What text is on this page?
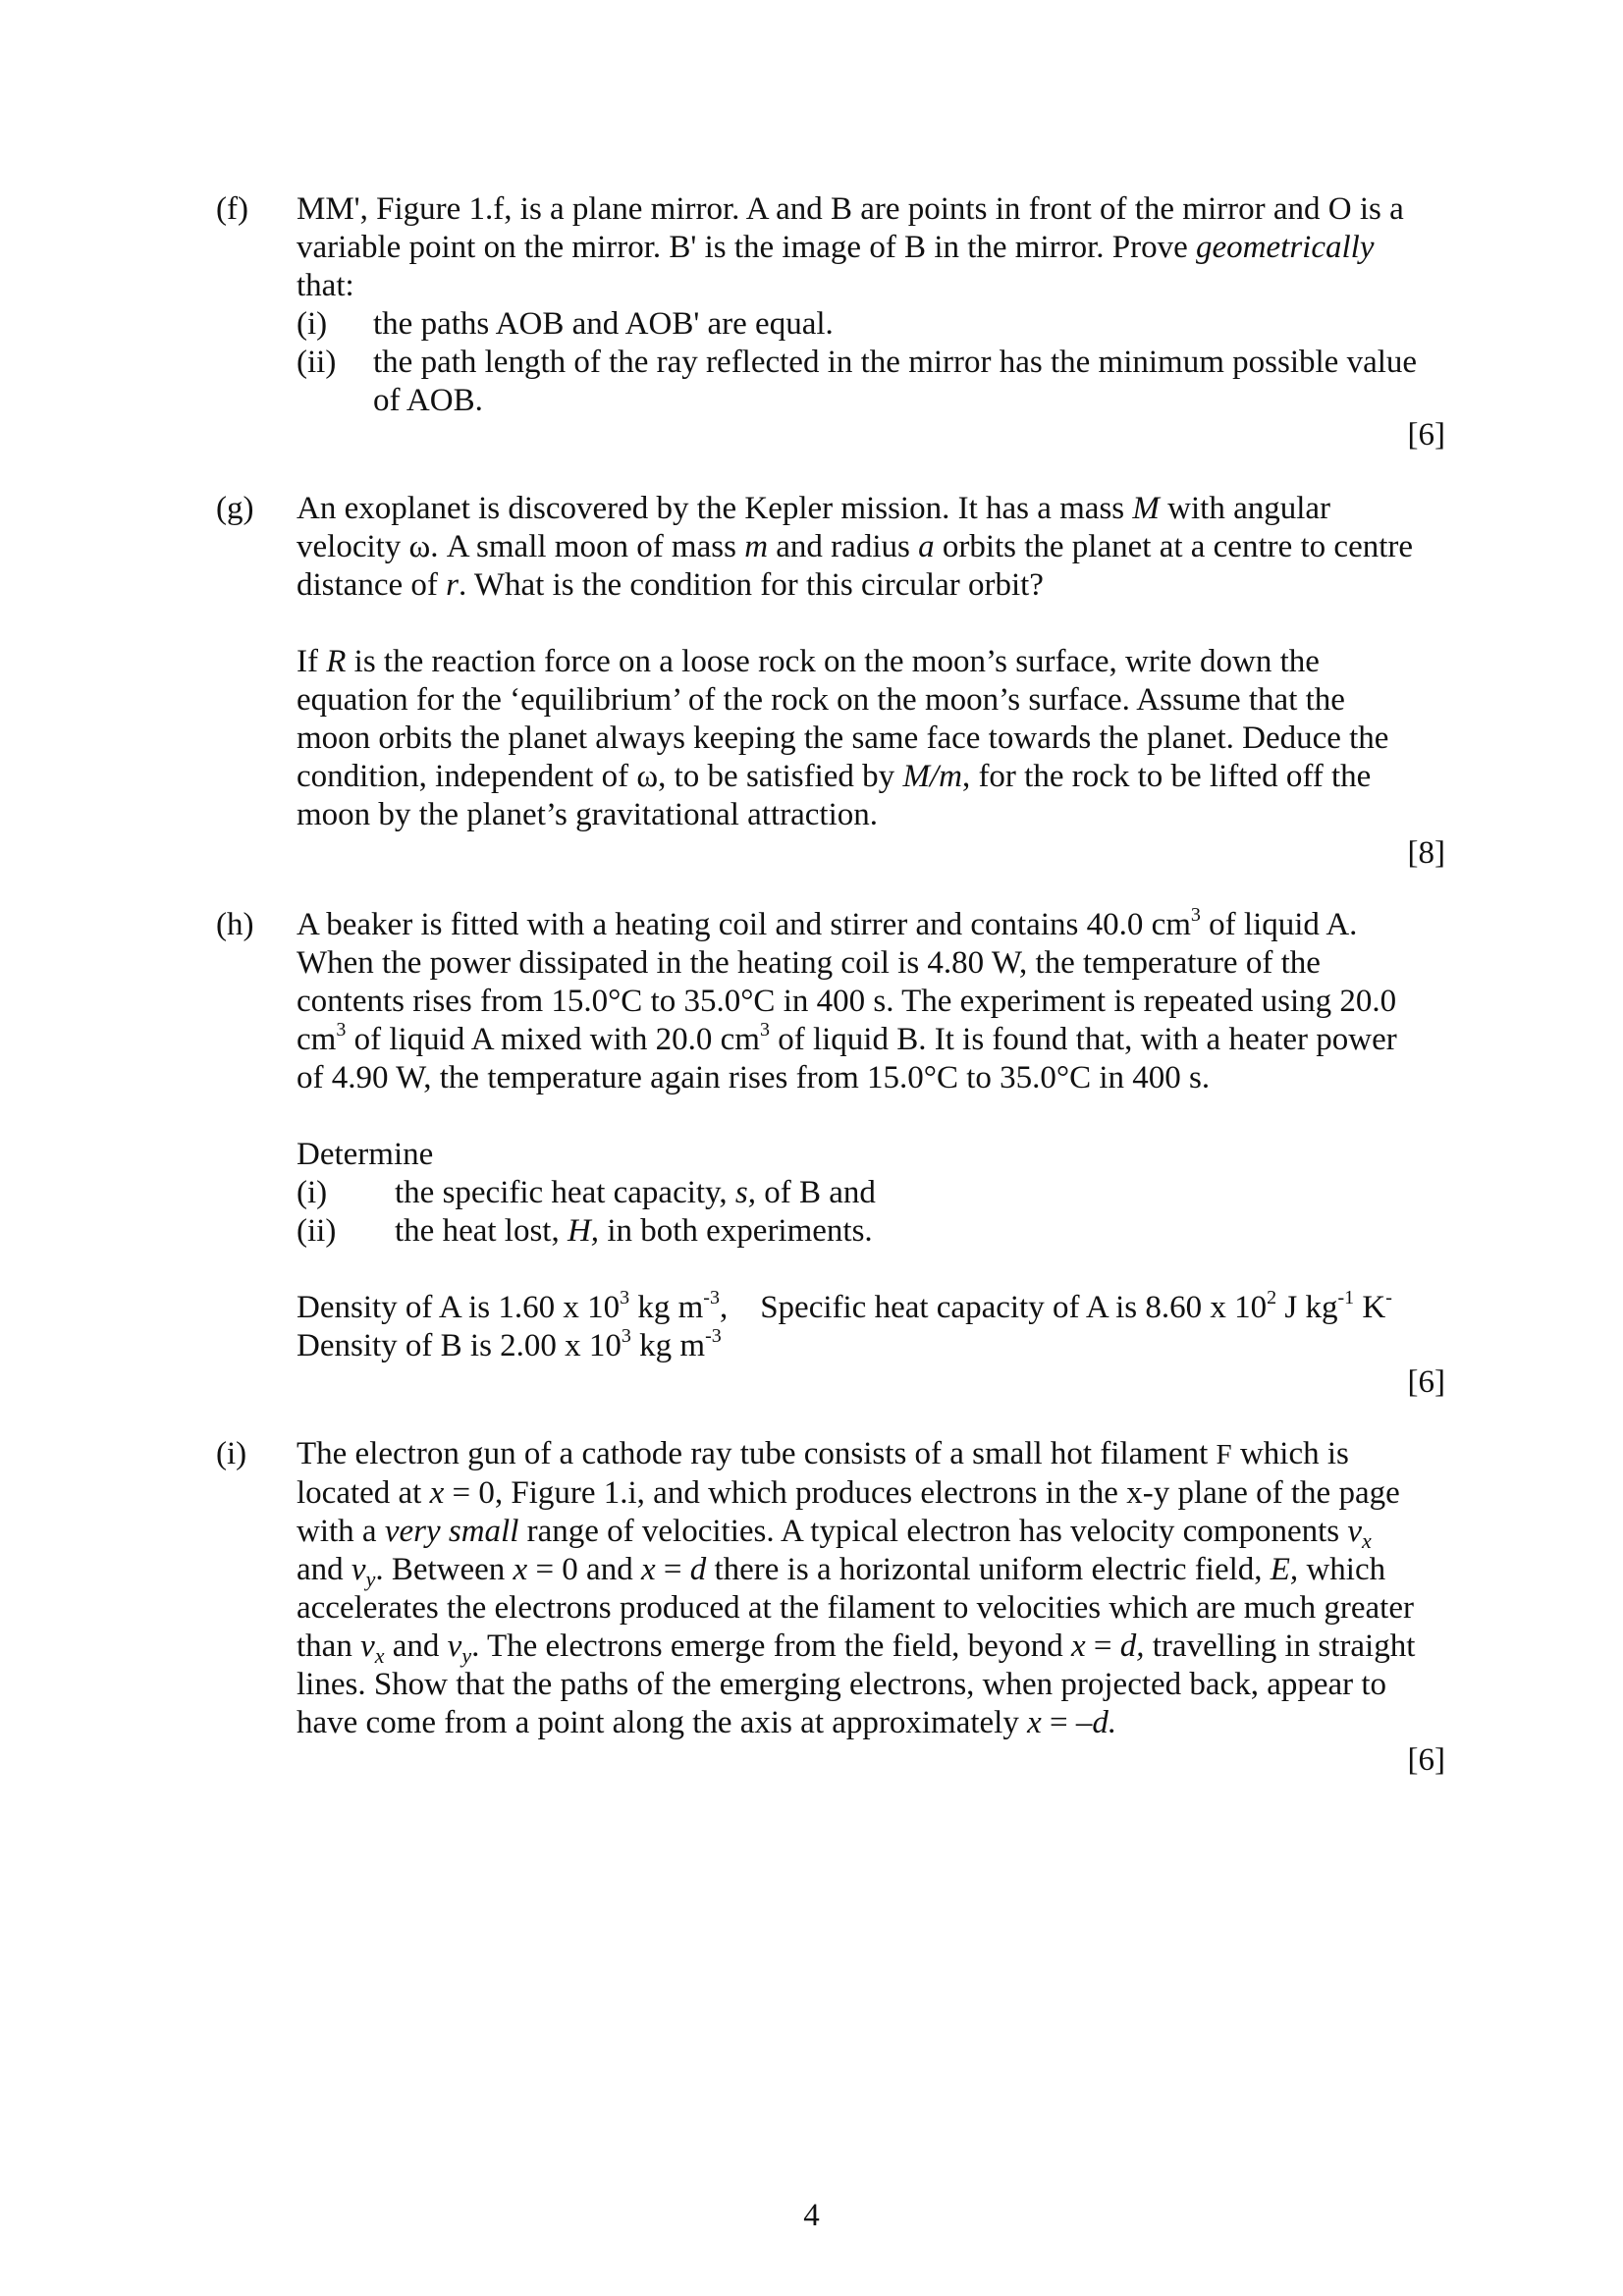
(f) MM', Figure 1.f, is a plane mirror. A and B are points in front of the mirror and O is a
variable point on the mirror. B' is the image of B in the mirror. Prove geometrically
that:
(i) the paths AOB and AOB' are equal.
(ii) the path length of the ray reflected in the mirror has the minimum possible value
of AOB.
[6]
(g) An exoplanet is discovered by the Kepler mission. It has a mass M with angular
velocity ω. A small moon of mass m and radius a orbits the planet at a centre to centre
distance of r. What is the condition for this circular orbit?
If R is the reaction force on a loose rock on the moon’s surface, write down the
equation for the ‘equilibrium’ of the rock on the moon’s surface. Assume that the
moon orbits the planet always keeping the same face towards the planet. Deduce the
condition, independent of ω, to be satisfied by M/m, for the rock to be lifted off the
moon by the planet’s gravitational attraction.
[8]
(h) A beaker is fitted with a heating coil and stirrer and contains 40.0 $cm^3$ of liquid A.
When the power dissipated in the heating coil is 4.80 W, the temperature of the
contents rises from 15.0°C to 35.0°C in 400 s. The experiment is repeated using 20.0
$cm^3$ of liquid A mixed with 20.0 $cm^3$ of liquid B. It is found that, with a heater power
of 4.90 W, the temperature again rises from 15.0°C to 35.0°C in 400 s.
Determine
(i) the specific heat capacity, s, of B and
(ii) the heat lost, H, in both experiments.
Density of A is 1.60 x $10^3$ kg $m^{-3}$,    Specific heat capacity of A is 8.60 x $10^2$ J $kg^{-1}$ K-
Density of B is 2.00 x $10^3$ kg $m^{-3}$
[6]
(i) The electron gun of a cathode ray tube consists of a small hot filament F which is
located at x = 0, Figure 1.i, and which produces electrons in the x-y plane of the page
with a very small range of velocities. A typical electron has velocity components $v_x$
and $v_y$. Between x = 0 and x = d there is a horizontal uniform electric field, E, which
accelerates the electrons produced at the filament to velocities which are much greater
than $v_x$ and $v_y$. The electrons emerge from the field, beyond x = d, travelling in straight
lines. Show that the paths of the emerging electrons, when projected back, appear to
have come from a point along the axis at approximately x = –d.
[6]
4
